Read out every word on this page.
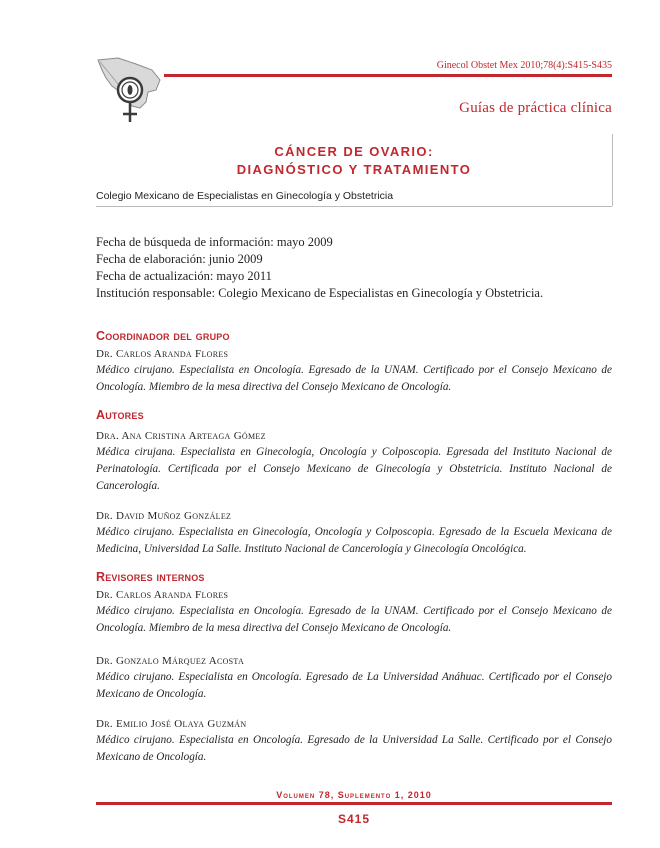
Ginecol Obstet Mex 2010;78(4):S415-S435
Guías de práctica clínica
CÁNCER DE OVARIO:
DIAGNÓSTICO Y TRATAMIENTO
Colegio Mexicano de Especialistas en Ginecología y Obstetricia
Fecha de búsqueda de información: mayo 2009
Fecha de elaboración: junio 2009
Fecha de actualización: mayo 2011
Institución responsable: Colegio Mexicano de Especialistas en Ginecología y Obstetricia.
Coordinador del grupo
Dr. Carlos Aranda Flores
Médico cirujano. Especialista en Oncología. Egresado de la UNAM. Certificado por el Consejo Mexicano de Oncología. Miembro de la mesa directiva del Consejo Mexicano de Oncología.
Autores
Dra. Ana Cristina Arteaga Gómez
Médica cirujana. Especialista en Ginecología, Oncología y Colposcopia. Egresada del Instituto Nacional de Perinatología. Certificada por el Consejo Mexicano de Ginecología y Obstetricia. Instituto Nacional de Cancerología.
Dr. David Muñoz González
Médico cirujano. Especialista en Ginecología, Oncología y Colposcopia. Egresado de la Escuela Mexicana de Medicina, Universidad La Salle. Instituto Nacional de Cancerología y Ginecología Oncológica.
Revisores internos
Dr. Carlos Aranda Flores
Médico cirujano. Especialista en Oncología. Egresado de la UNAM. Certificado por el Consejo Mexicano de Oncología. Miembro de la mesa directiva del Consejo Mexicano de Oncología.
Dr. Gonzalo Márquez Acosta
Médico cirujano. Especialista en Oncología. Egresado de La Universidad Anáhuac. Certificado por el Consejo Mexicano de Oncología.
Dr. Emilio José Olaya Guzmán
Médico cirujano. Especialista en Oncología. Egresado de la Universidad La Salle. Certificado por el Consejo Mexicano de Oncología.
Volumen 78, Suplemento 1, 2010
S415
